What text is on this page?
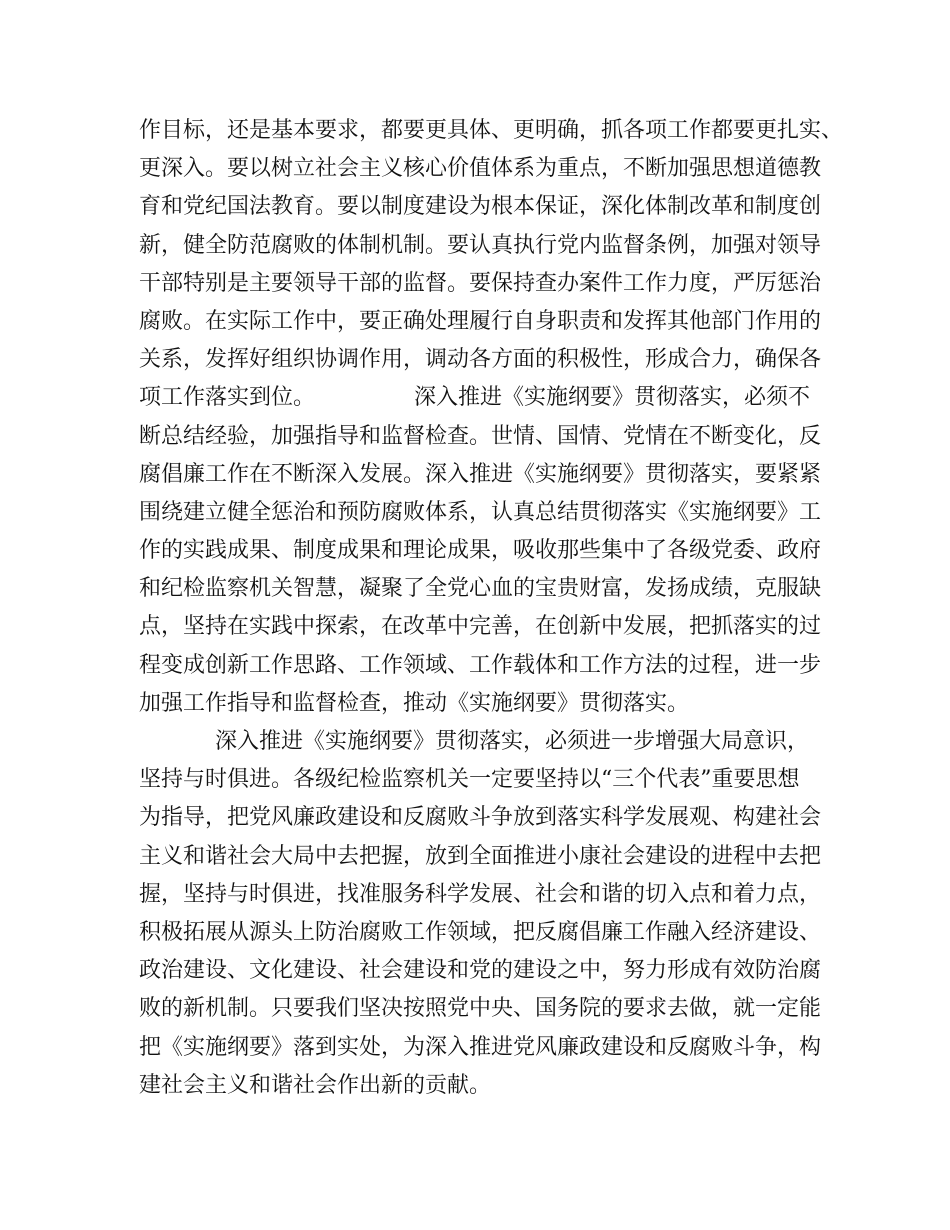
作目标，还是基本要求，都要更具体、更明确，抓各项工作都要更扎实、
更深入。要以树立社会主义核心价值体系为重点，不断加强思想道德教
育和党纪国法教育。要以制度建设为根本保证，深化体制改革和制度创
新，健全防范腐败的体制机制。要认真执行党内监督条例，加强对领导
干部特别是主要领导干部的监督。要保持查办案件工作力度，严厉惩治
腐败。在实际工作中，要正确处理履行自身职责和发挥其他部门作用的
关系，发挥好组织协调作用，调动各方面的积极性，形成合力，确保各
项工作落实到位。　　　　　深入推进《实施纲要》贯彻落实，必须不
断总结经验，加强指导和监督检查。世情、国情、党情在不断变化，反
腐倡廉工作在不断深入发展。深入推进《实施纲要》贯彻落实，要紧紧
围绕建立健全惩治和预防腐败体系，认真总结贯彻落实《实施纲要》工
作的实践成果、制度成果和理论成果，吸收那些集中了各级党委、政府
和纪检监察机关智慧，凝聚了全党心血的宝贵财富，发扬成绩，克服缺
点，坚持在实践中探索，在改革中完善，在创新中发展，把抓落实的过
程变成创新工作思路、工作领域、工作载体和工作方法的过程，进一步
加强工作指导和监督检查，推动《实施纲要》贯彻落实。
深入推进《实施纲要》贯彻落实，必须进一步增强大局意识，
坚持与时俱进。各级纪检监察机关一定要坚持以“三个代表”重要思想
为指导，把党风廉政建设和反腐败斗争放到落实科学发展观、构建社会
主义和谐社会大局中去把握，放到全面推进小康社会建设的进程中去把
握，坚持与时俱进，找准服务科学发展、社会和谐的切入点和着力点，
积极拓展从源头上防治腐败工作领域，把反腐倡廉工作融入经济建设、
政治建设、文化建设、社会建设和党的建设之中，努力形成有效防治腐
败的新机制。只要我们坚决按照党中央、国务院的要求去做，就一定能
把《实施纲要》落到实处，为深入推进党风廉政建设和反腐败斗争，构
建社会主义和谐社会作出新的贡献。
